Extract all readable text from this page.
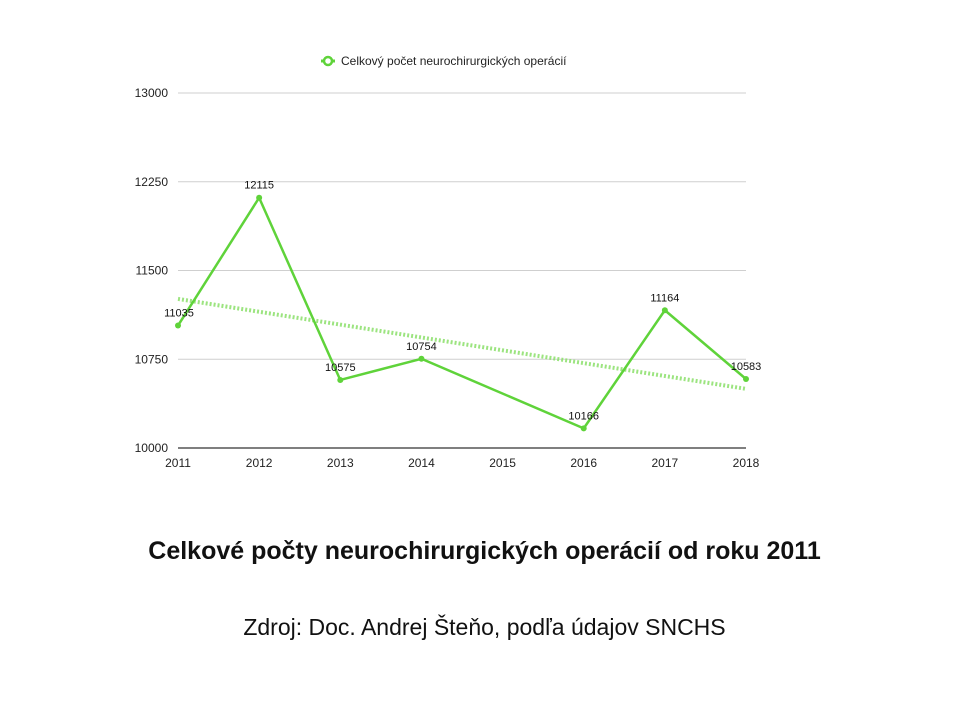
Celkový počet neurochirurgických operácií
13000
12250
11500
10750
10000
2011	2012	2013	2014	2015	2016	2017	2018
11035
12115
10575
10754
10166
11164
10583
Celkové počty neurochirurgických operácií od roku 2011
Zdroj: Doc. Andrej Šteňo, podľa údajov SNCHS
